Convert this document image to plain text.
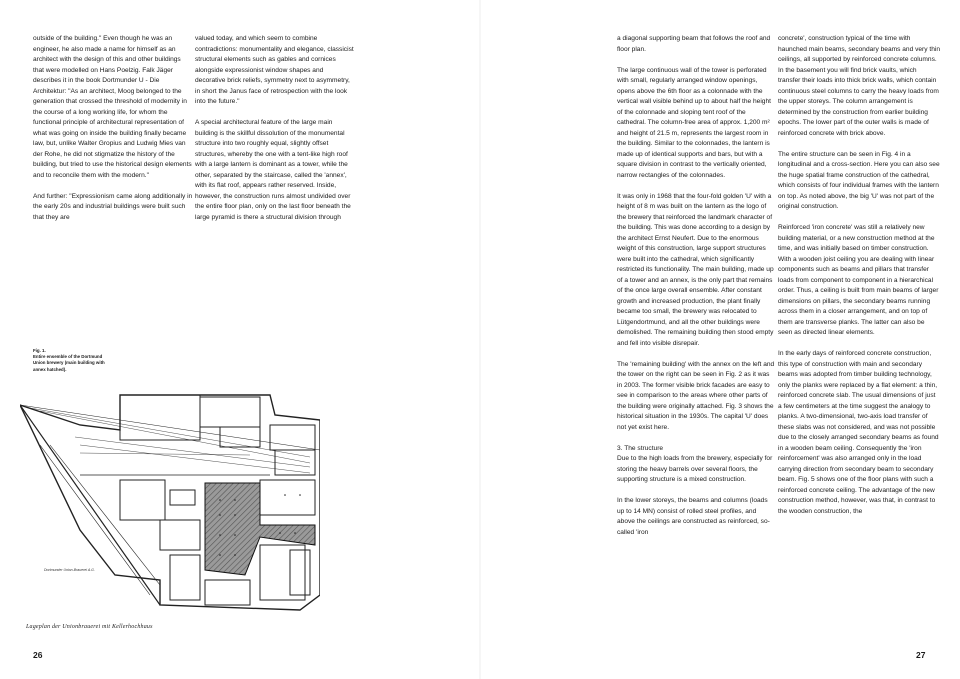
outside of the building." Even though he was an engineer, he also made a name for himself as an architect with the design of this and other buildings that were modelled on Hans Poelzig. Falk Jäger describes it in the book Dortmunder U - Die Architektur: "As an architect, Moog belonged to the generation that crossed the threshold of modernity in the course of a long working life, for whom the functional principle of architectural representation of what was going on inside the building finally became law, but, unlike Walter Gropius and Ludwig Mies van der Rohe, he did not stigmatize the history of the building, but tried to use the historical design elements and to reconcile them with the modern."

And further: "Expressionism came along additionally in the early 20s and industrial buildings were built such that they are

valued today, and which seem to combine contradictions: monumentality and elegance, classicist structural elements such as gables and cornices alongside expressionist window shapes and decorative brick reliefs, symmetry next to asymmetry, in short the Janus face of retrospection with the look into the future."

A special architectural feature of the large main building is the skillful dissolution of the monumental structure into two roughly equal, slightly offset structures, whereby the one with a tent-like high roof with a large lantern is dominant as a tower, while the other, separated by the staircase, called the 'annex', with its flat roof, appears rather reserved. Inside, however, the construction runs almost undivided over the entire floor plan, only on the last floor beneath the large pyramid is there a structural division through

Fig. 1.
Entire ensemble of the Dortmund Union brewery (main building with annex hatched).
Dortmunder Union-Brauerei A.G.
Lageplan der Unionbrauerei mit Kellerhochhaus
26

a diagonal supporting beam that follows the roof and floor plan.

The large continuous wall of the tower is perforated with small, regularly arranged window openings, opens above the 6th floor as a colonnade with the vertical wall visible behind up to about half the height of the colonnade and sloping tent roof of the cathedral. The column-free area of approx. 1,200 m² and height of 21.5 m, represents the largest room in the building. Similar to the colonnades, the lantern is made up of identical supports and bars, but with a square division in contrast to the vertically oriented, narrow rectangles of the colonnades.

It was only in 1968 that the four-fold golden 'U' with a height of 8 m was built on the lantern as the logo of the brewery that reinforced the landmark character of the building. This was done according to a design by the architect Ernst Neufert. Due to the enormous weight of this construction, large support structures were built into the cathedral, which significantly restricted its functionality. The main building, made up of a tower and an annex, is the only part that remains of the once large overall ensemble. After constant growth and increased production, the plant finally became too small, the brewery was relocated to Lütgendortmund, and all the other buildings were demolished. The remaining building then stood empty and fell into visible disrepair.

The 'remaining building' with the annex on the left and the tower on the right can be seen in Fig. 2 as it was in 2003. The former visible brick facades are easy to see in comparison to the areas where other parts of the building were originally attached. Fig. 3 shows the historical situation in the 1930s. The capital 'U' does not yet exist here.

3. The structure
Due to the high loads from the brewery, especially for storing the heavy barrels over several floors, the supporting structure is a mixed construction.

In the lower storeys, the beams and columns (loads up to 14 MN) consist of rolled steel profiles, and above the ceilings are constructed as reinforced, so-called 'iron

concrete', construction typical of the time with haunched main beams, secondary beams and very thin ceilings, all supported by reinforced concrete columns. In the basement you will find brick vaults, which transfer their loads into thick brick walls, which contain continuous steel columns to carry the heavy loads from the upper storeys. The column arrangement is determined by the construction from earlier building epochs. The lower part of the outer walls is made of reinforced concrete with brick above.

The entire structure can be seen in Fig. 4 in a longitudinal and a cross-section. Here you can also see the huge spatial frame construction of the cathedral, which consists of four individual frames with the lantern on top. As noted above, the big 'U' was not part of the original construction.

Reinforced 'iron concrete' was still a relatively new building material, or a new construction method at the time, and was initially based on timber construction. With a wooden joist ceiling you are dealing with linear components such as beams and pillars that transfer loads from component to component in a hierarchical order. Thus, a ceiling is built from main beams of larger dimensions on pillars, the secondary beams running across them in a closer arrangement, and on top of them are transverse planks. The latter can also be seen as directed linear elements.

In the early days of reinforced concrete construction, this type of construction with main and secondary beams was adopted from timber building technology, only the planks were replaced by a flat element: a thin, reinforced concrete slab. The usual dimensions of just a few centimeters at the time suggest the analogy to planks. A two-dimensional, two-axis load transfer of these slabs was not considered, and was not possible due to the closely arranged secondary beams as found in a wooden beam ceiling. Consequently the 'iron reinforcement' was also arranged only in the load carrying direction from secondary beam to secondary beam. Fig. 5 shows one of the floor plans with such a reinforced concrete ceiling. The advantage of the new construction method, however, was that, in contrast to the wooden construction, the

27
